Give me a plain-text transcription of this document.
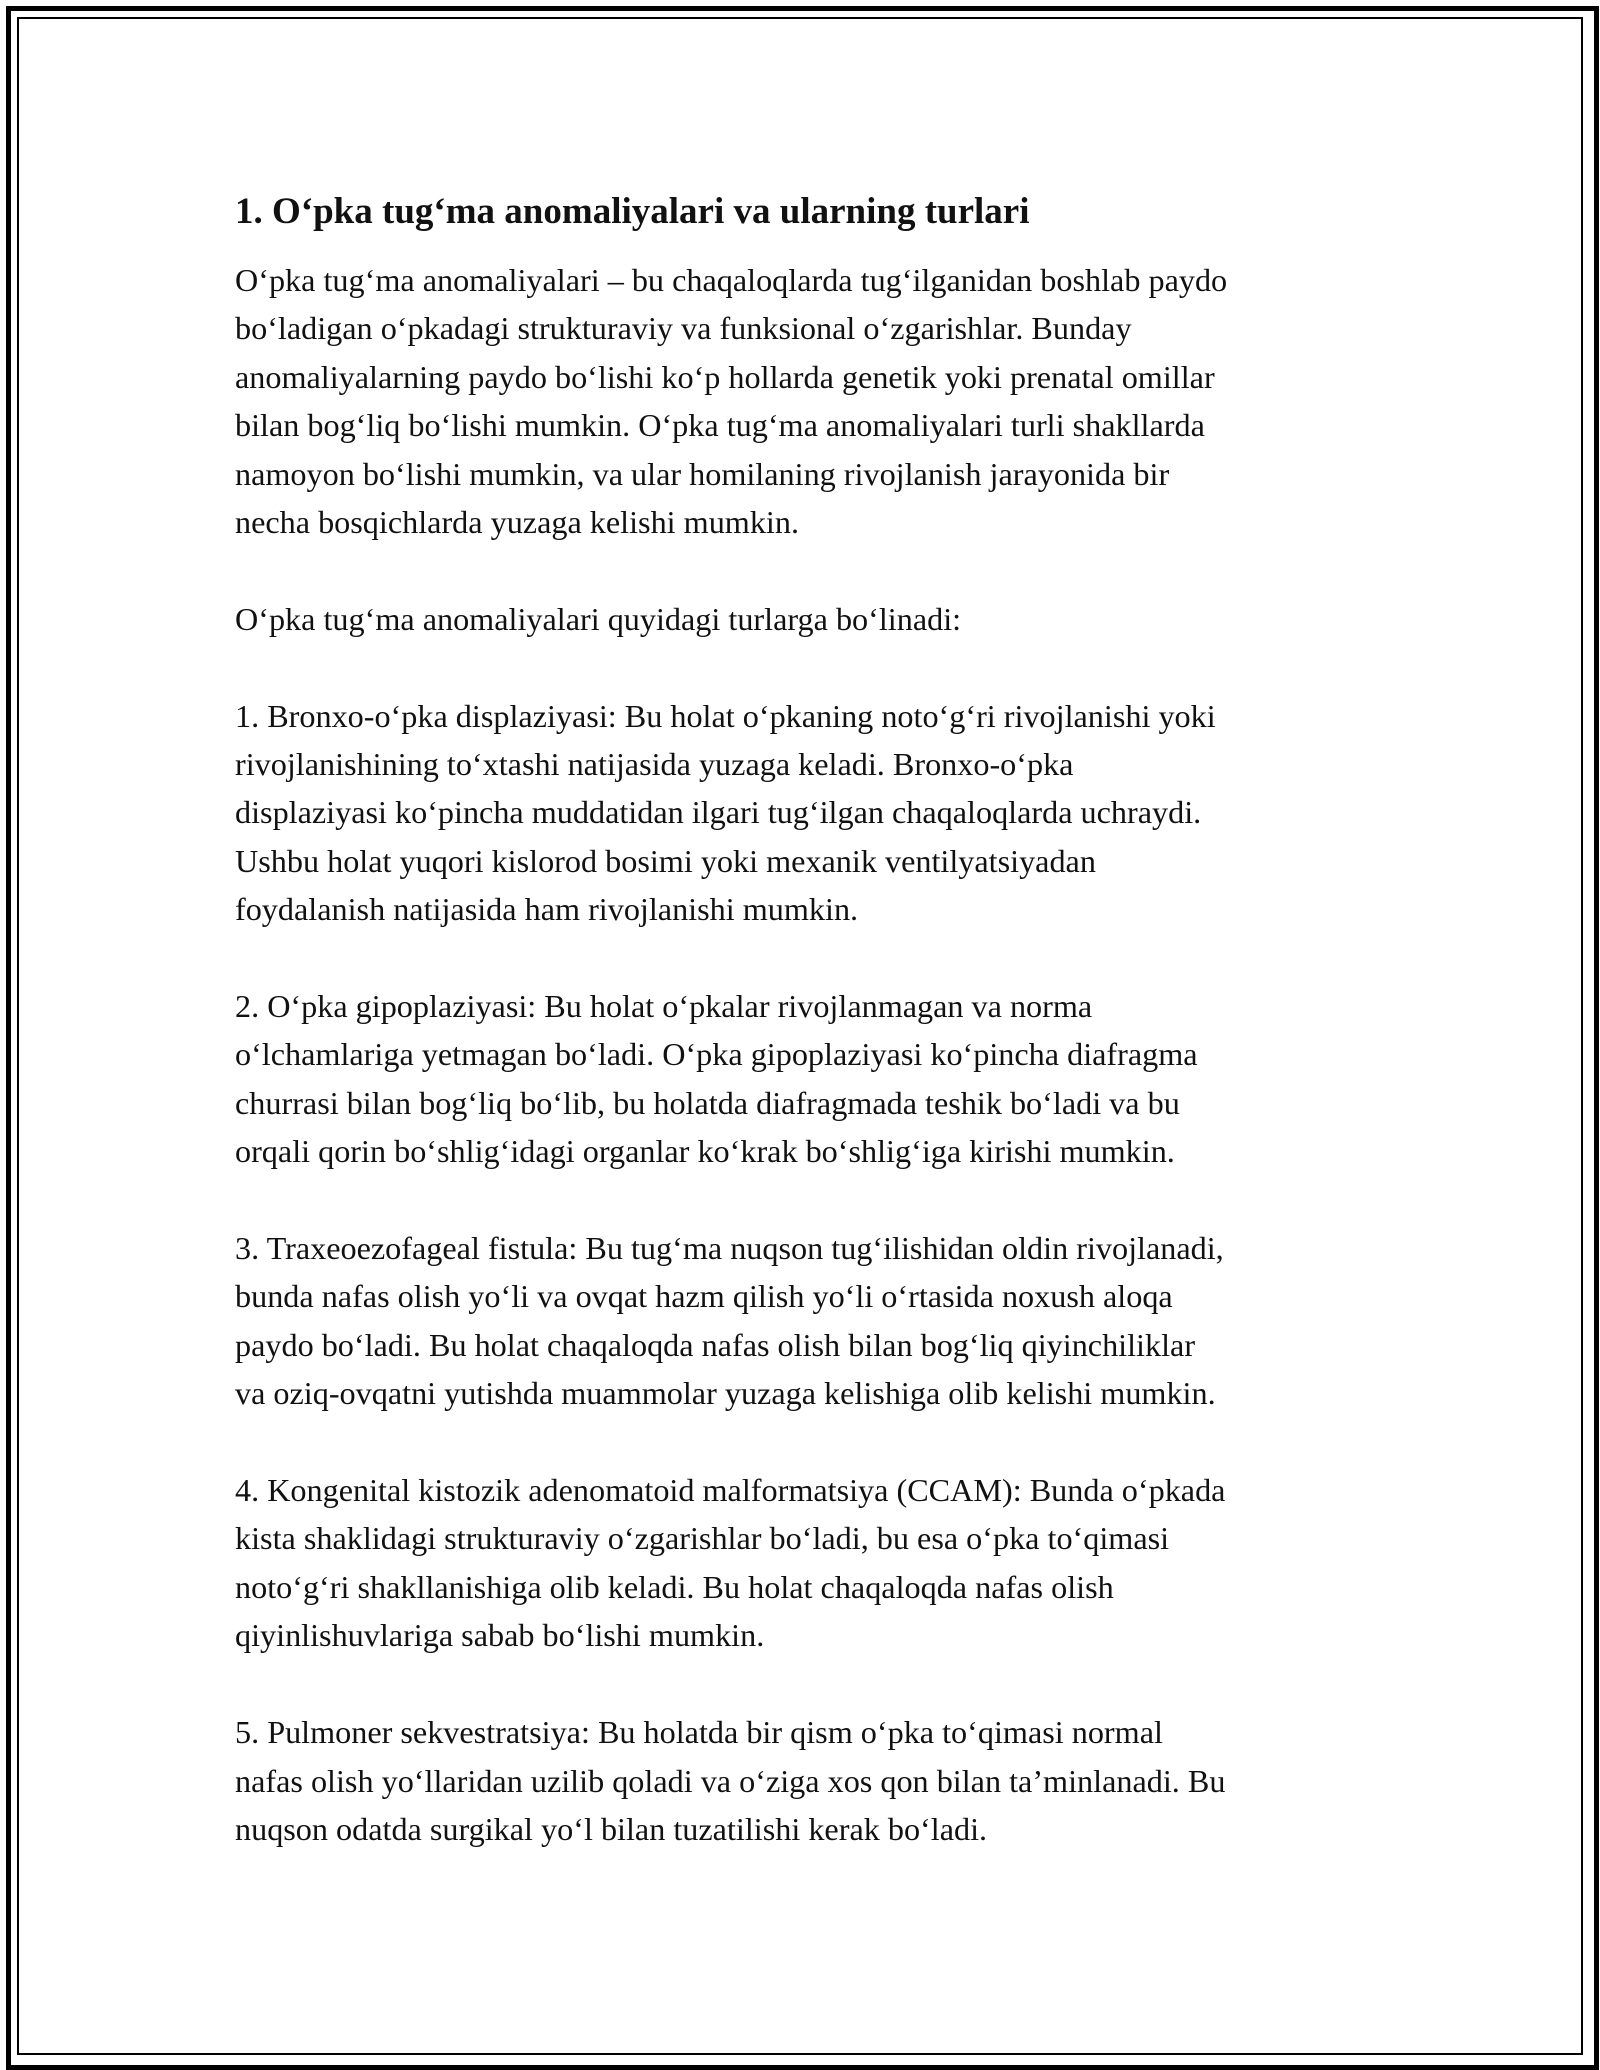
1. O‘pka tug‘ma anomaliyalari va ularning turlari
O‘pka tug‘ma anomaliyalari – bu chaqaloqlarda tug‘ilganidan boshlab paydo
bo‘ladigan o‘pkadagi strukturaviy va funksional o‘zgarishlar. Bunday
anomaliyalarning paydo bo‘lishi ko‘p hollarda genetik yoki prenatal omillar
bilan bog‘liq bo‘lishi mumkin. O‘pka tug‘ma anomaliyalari turli shakllarda
namoyon bo‘lishi mumkin, va ular homilaning rivojlanish jarayonida bir
necha bosqichlarda yuzaga kelishi mumkin.
O‘pka tug‘ma anomaliyalari quyidagi turlarga bo‘linadi:
1. Bronxo-o‘pka displaziyasi: Bu holat o‘pkaning noto‘g‘ri rivojlanishi yoki
rivojlanishining to‘xtashi natijasida yuzaga keladi. Bronxo-o‘pka
displaziyasi ko‘pincha muddatidan ilgari tug‘ilgan chaqaloqlarda uchraydi.
Ushbu holat yuqori kislorod bosimi yoki mexanik ventilyatsiyadan
foydalanish natijasida ham rivojlanishi mumkin.
2. O‘pka gipoplaziyasi: Bu holat o‘pkalar rivojlanmagan va norma
o‘lchamlariga yetmagan bo‘ladi. O‘pka gipoplaziyasi ko‘pincha diafragma
churrasi bilan bog‘liq bo‘lib, bu holatda diafragmada teshik bo‘ladi va bu
orqali qorin bo‘shlig‘idagi organlar ko‘krak bo‘shlig‘iga kirishi mumkin.
3. Traxeoezofageal fistula: Bu tug‘ma nuqson tug‘ilishidan oldin rivojlanadi,
bunda nafas olish yo‘li va ovqat hazm qilish yo‘li o‘rtasida noxush aloqa
paydo bo‘ladi. Bu holat chaqaloqda nafas olish bilan bog‘liq qiyinchiliklar
va oziq-ovqatni yutishda muammolar yuzaga kelishiga olib kelishi mumkin.
4. Kongenital kistozik adenomatoid malformatsiya (CCAM): Bunda o‘pkada
kista shaklidagi strukturaviy o‘zgarishlar bo‘ladi, bu esa o‘pka to‘qimasi
noto‘g‘ri shakllanishiga olib keladi. Bu holat chaqaloqda nafas olish
qiyinlishuvlariga sabab bo‘lishi mumkin.
5. Pulmoner sekvestratsiya: Bu holatda bir qism o‘pka to‘qimasi normal
nafas olish yo‘llaridan uzilib qoladi va o‘ziga xos qon bilan ta’minlanadi. Bu
nuqson odatda surgikal yo‘l bilan tuzatilishi kerak bo‘ladi.
